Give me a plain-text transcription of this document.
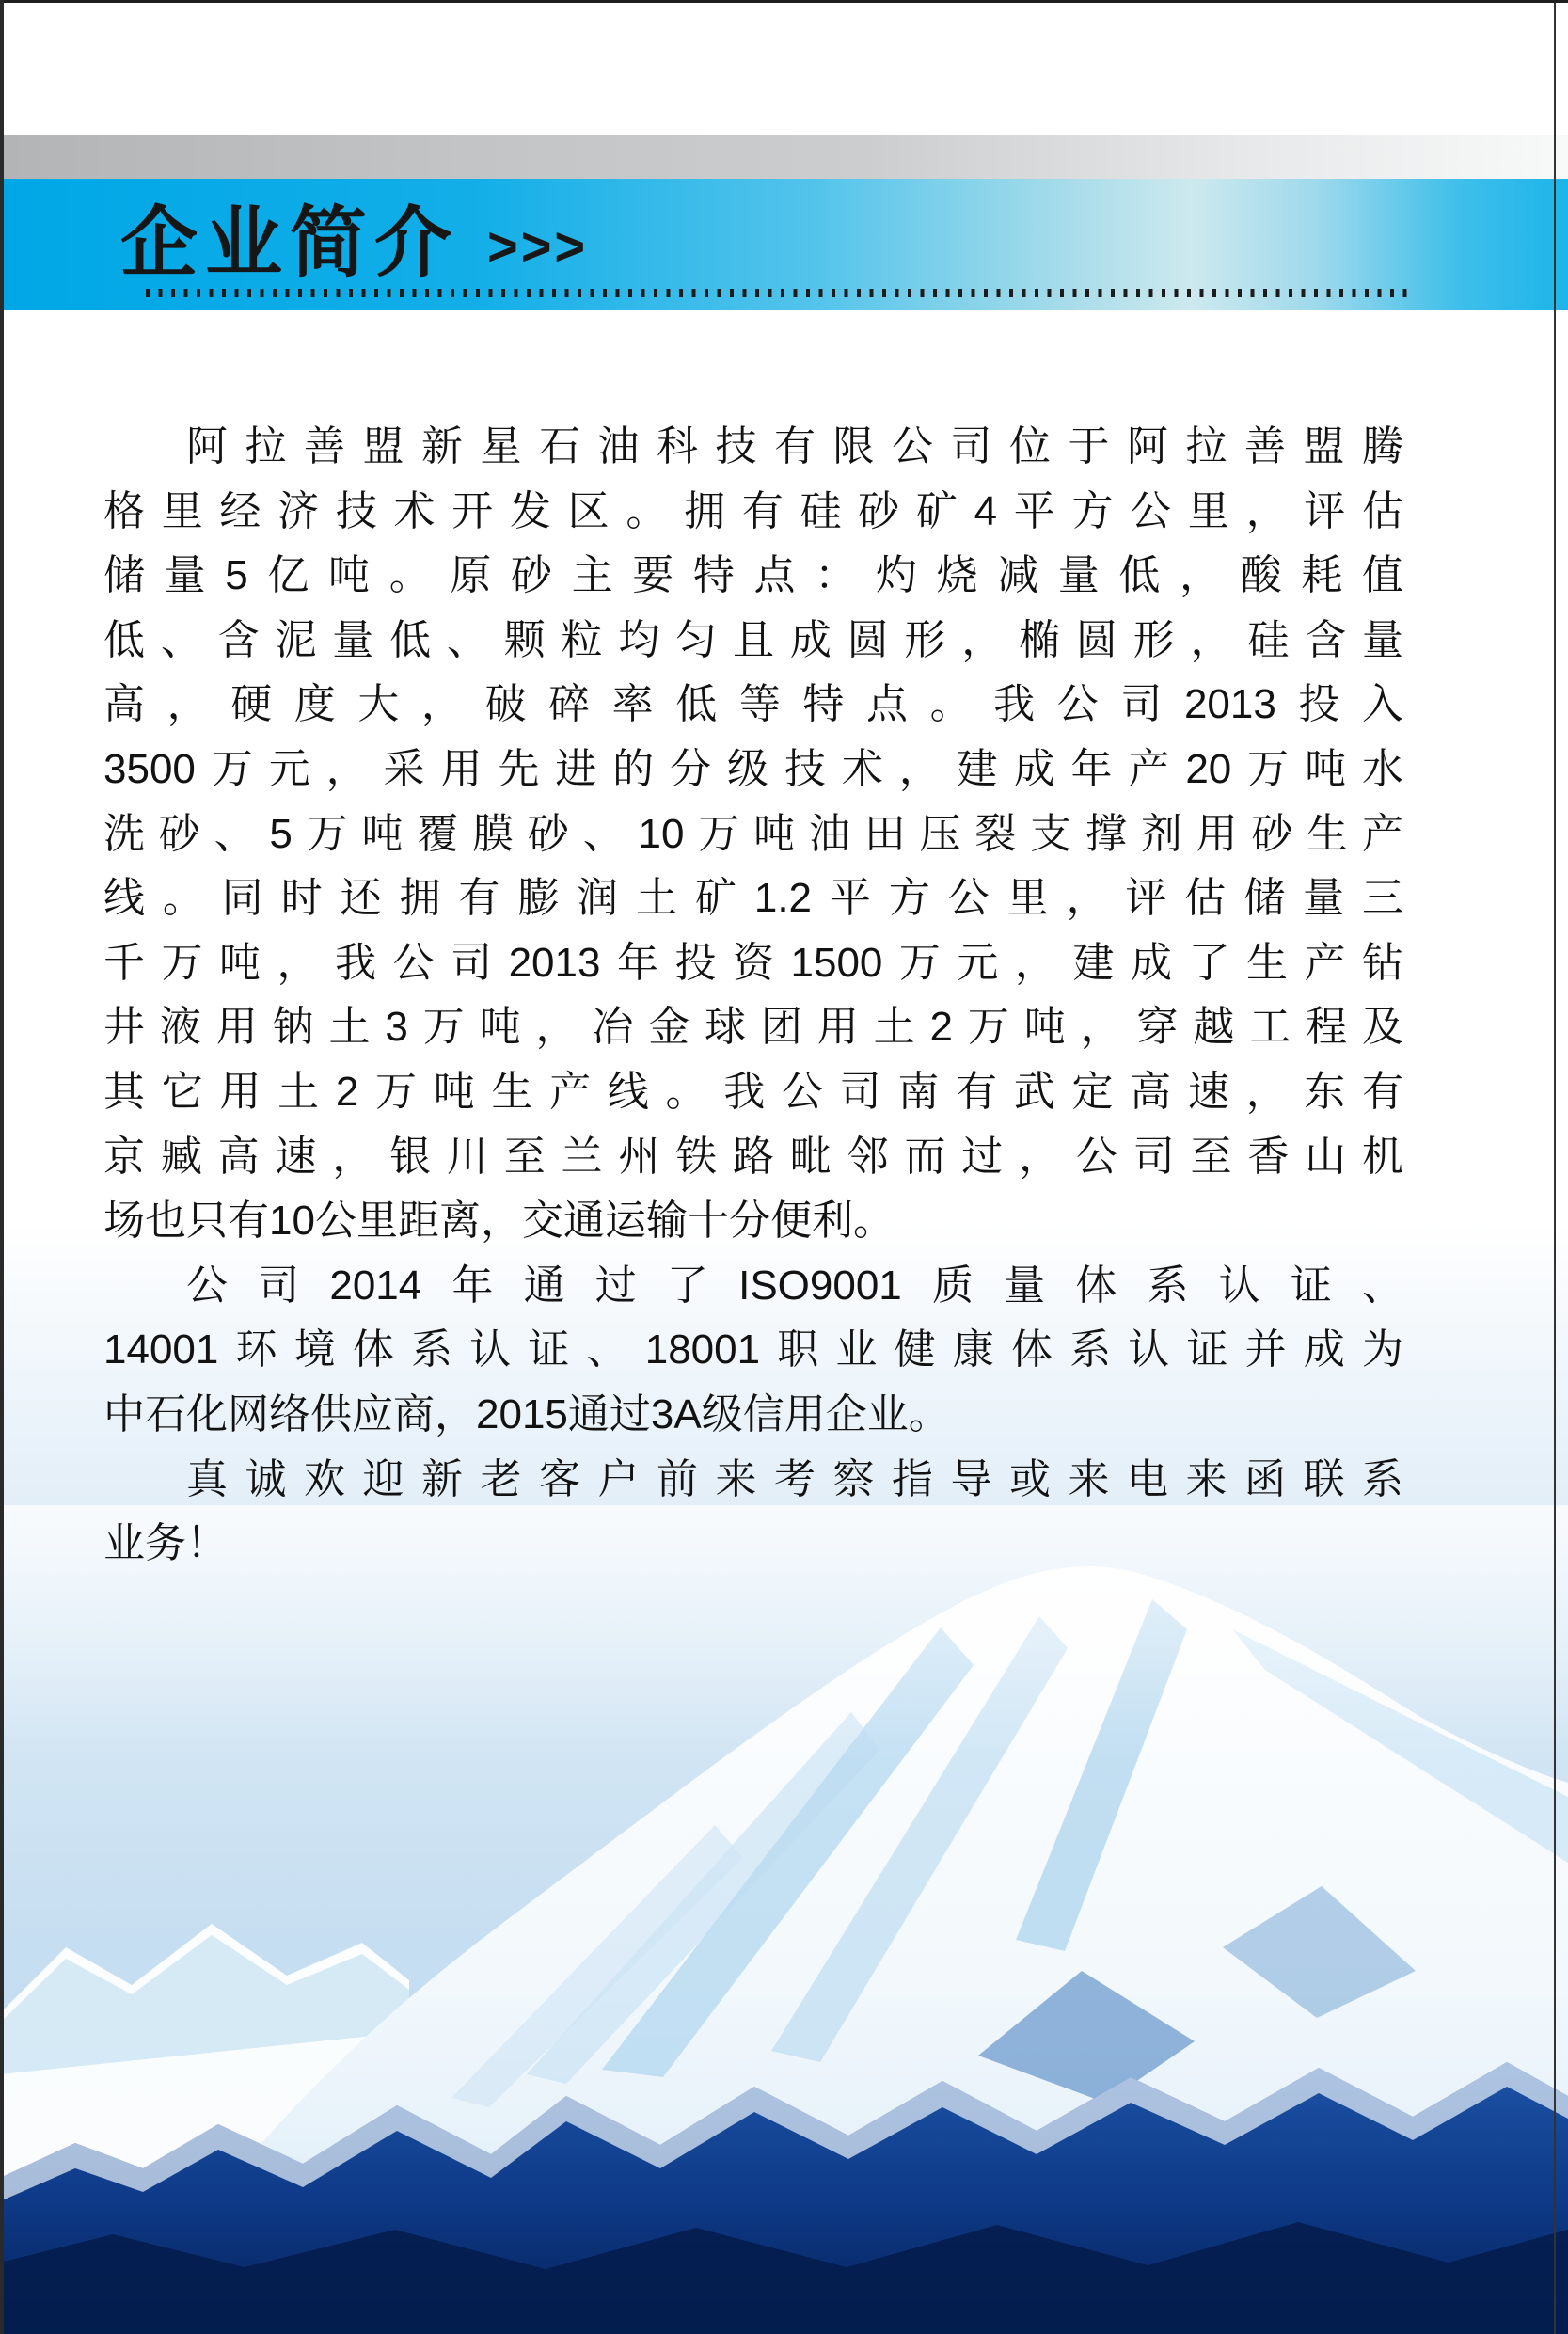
企业简介 >>>
阿拉善盟新星石油科技有限公司位于阿拉善盟腾
格里经济技术开发区。拥有硅砂矿4平方公里，评估
储量5亿吨。原砂主要特点：灼烧减量低，酸耗值
低、含泥量低、颗粒均匀且成圆形，椭圆形，硅含量
高，硬度大，破碎率低等特点。我公司2013投入
3500万元，采用先进的分级技术，建成年产20万吨水
洗砂、5万吨覆膜砂、10万吨油田压裂支撑剂用砂生产
线。同时还拥有膨润土矿1.2平方公里，评估储量三
千万吨，我公司2013年投资1500万元，建成了生产钻
井液用钠土3万吨，冶金球团用土2万吨，穿越工程及
其它用土2万吨生产线。我公司南有武定高速，东有
京臧高速，银川至兰州铁路毗邻而过，公司至香山机
场也只有10公里距离，交通运输十分便利。
公司2014年通过了ISO9001质量体系认证、
14001环境体系认证、18001职业健康体系认证并成为
中石化网络供应商，2015通过3A级信用企业。
真诚欢迎新老客户前来考察指导或来电来函联系
业务！
